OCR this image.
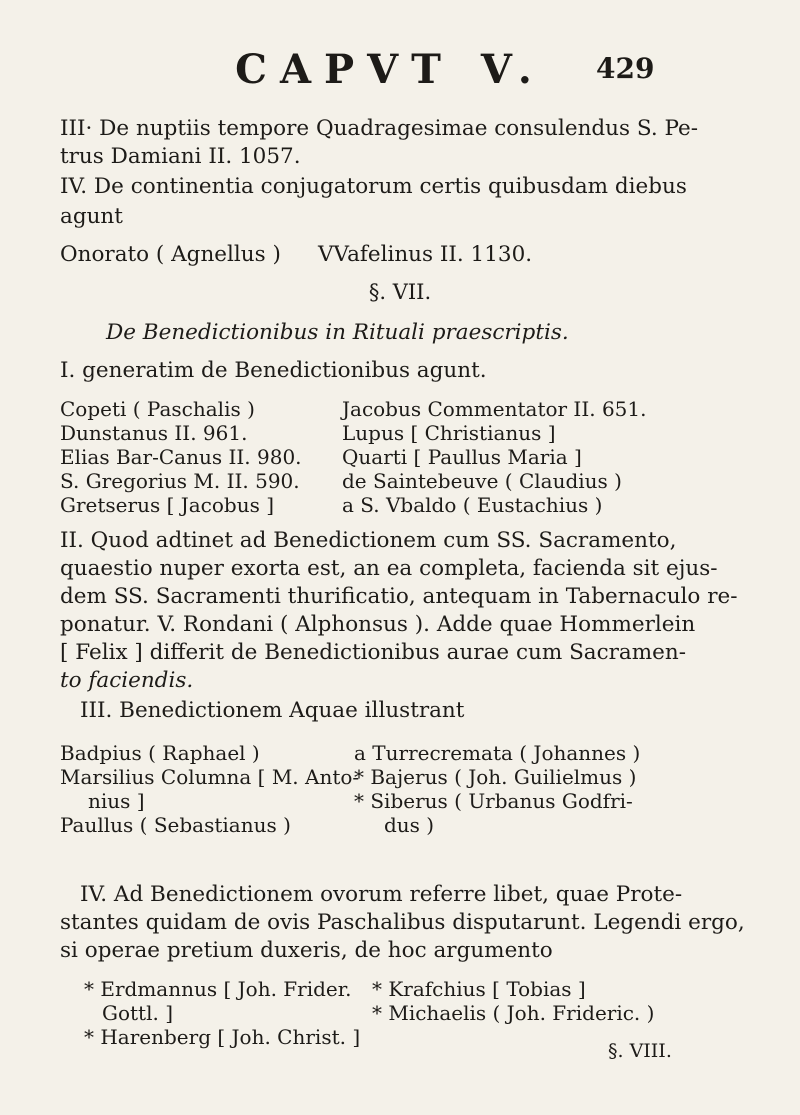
CAPVT V.	429
III· De nuptiis tempore Quadragesimae consulendus S. Pe-
trus Damiani II. 1057.
IV. De continentia conjugatorum certis quibusdam diebus
agunt
Onorato ( Agnellus ) VVafelinus II. 1130.
§. VII.
De Benedictionibus in Rituali praescriptis.
I. generatim de Benedictionibus agunt.
Copeti ( Paschalis )
Dunstanus II. 961.
Elias Bar-Canus II. 980.
S. Gregorius M. II. 590.
Gretserus [ Jacobus ]
Jacobus Commentator II. 651.
Lupus [ Christianus ]
Quarti [ Paullus Maria ]
de Saintebeuve ( Claudius )
a S. Vbaldo ( Eustachius )
II. Quod adtinet ad Benedictionem cum SS. Sacramento,
quaestio nuper exorta est, an ea completa, facienda sit ejus-
dem SS. Sacramenti thurificatio, antequam in Tabernaculo re-
ponatur. V. Rondani ( Alphonsus ). Adde quae Hommerlein
[ Felix ] differit de Benedictionibus aurae cum Sacramen-
to faciendis.
III. Benedictionem Aquae illustrant
Badpius ( Raphael )
Marsilius Columna [ M. Anto-
nius ]
Paullus ( Sebastianus )
a Turrecremata ( Johannes )
* Bajerus ( Joh. Guilielmus )
* Siberus ( Urbanus Godfri-
dus )
IV. Ad Benedictionem ovorum referre libet, quae Prote-
stantes quidam de ovis Paschalibus disputarunt. Legendi ergo,
si operae pretium duxeris, de hoc argumento
* Erdmannus [ Joh. Frider.
Gottl. ]
* Harenberg [ Joh. Christ. ]
* Krafchius [ Tobias ]
* Michaelis ( Joh. Frideric. )
§. VIII.
